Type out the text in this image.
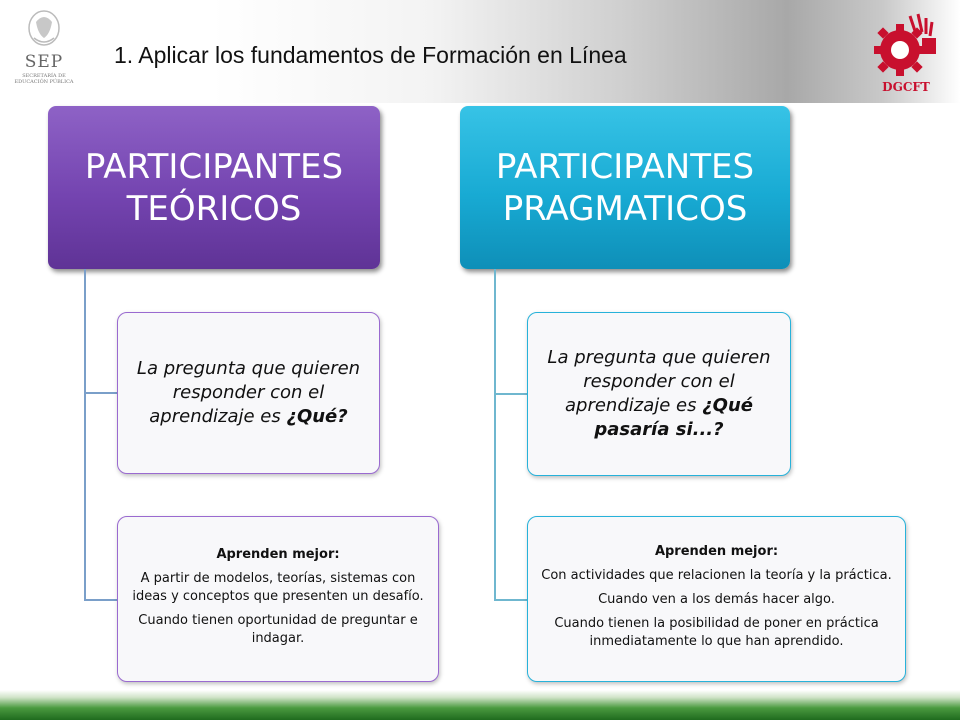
SEP
SECRETARÍA DE
EDUCACIÓN PÚBLICA
1. Aplicar los fundamentos de Formación en Línea
DGCFT
PARTICIPANTES
TEÓRICOS
La pregunta que quieren responder con el aprendizaje es ¿Qué?
Aprenden mejor:
A partir de modelos, teorías, sistemas con ideas y conceptos que presenten un desafío.
Cuando tienen oportunidad de preguntar e indagar.
PARTICIPANTES
PRAGMATICOS
La pregunta que quieren responder con el aprendizaje es ¿Qué pasaría si...?
Aprenden mejor:
Con actividades que relacionen la teoría y la práctica.
Cuando ven a los demás hacer algo.
Cuando tienen la posibilidad de poner en práctica inmediatamente lo que han aprendido.
